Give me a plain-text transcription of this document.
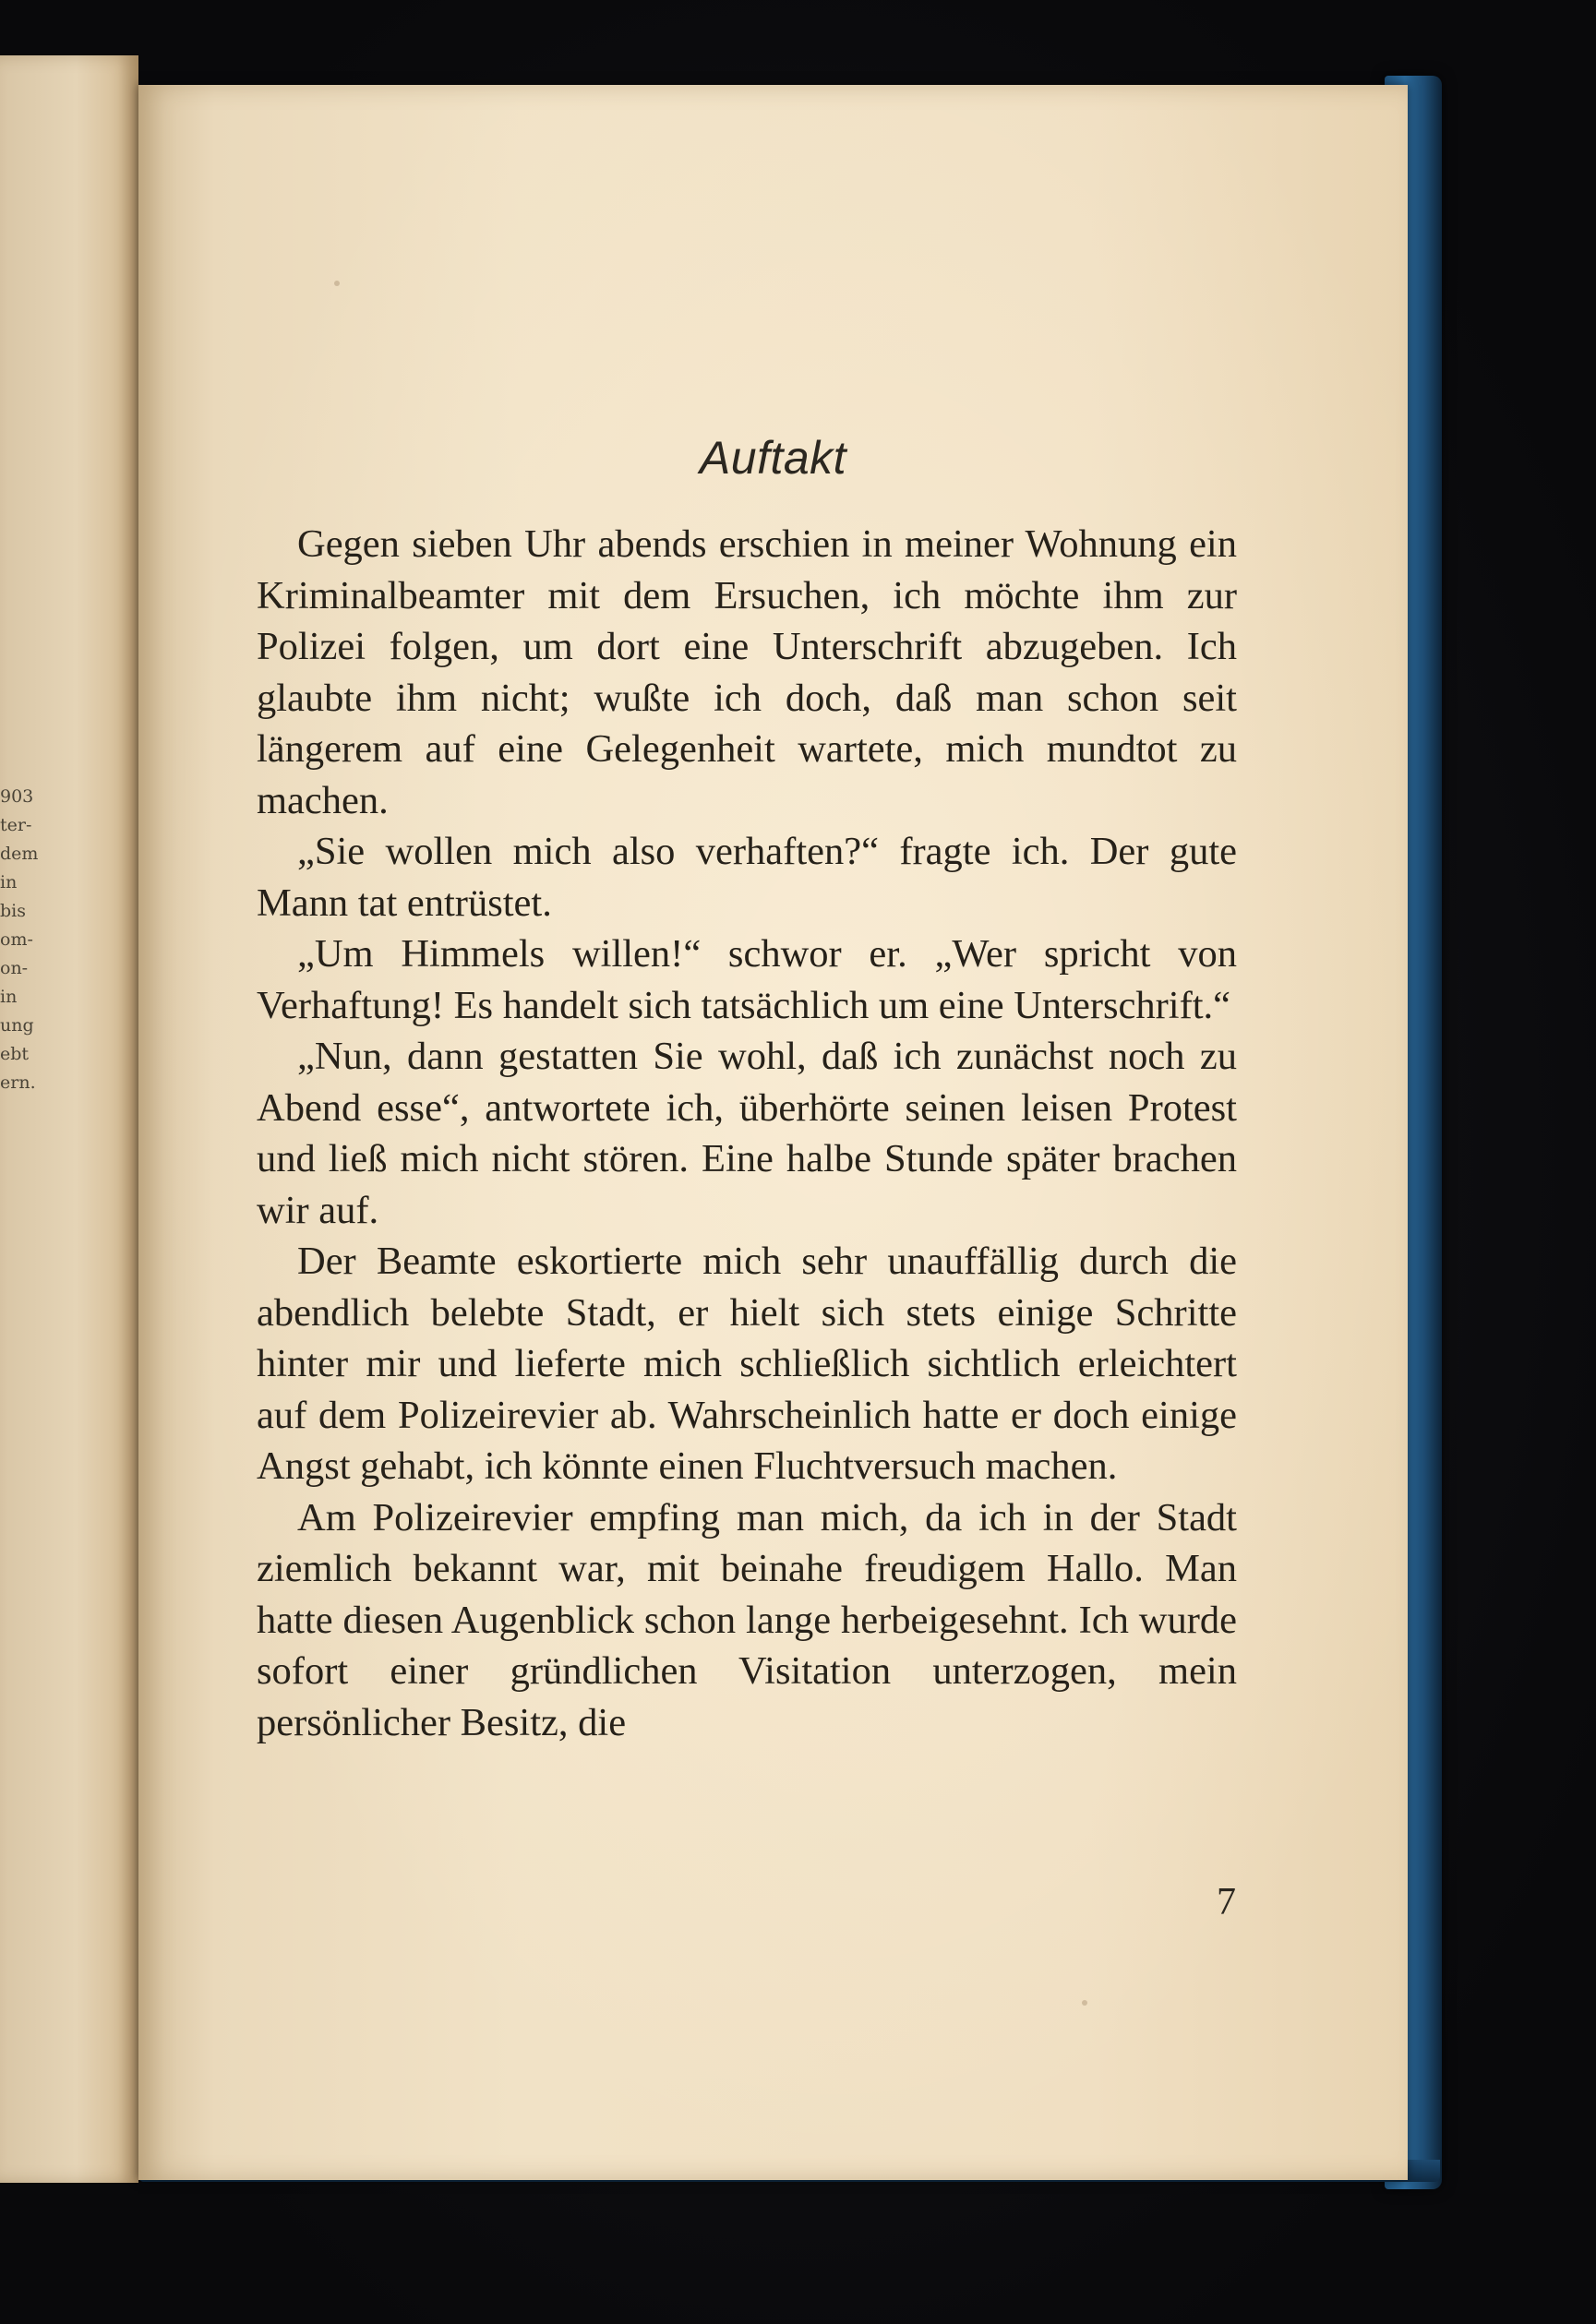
903
ter-
dem
in
bis
om-
on-
in
ung
ebt
ern.
Auftakt

Gegen sieben Uhr abends erschien in meiner Wohnung ein Kriminalbeamter mit dem Ersuchen, ich möchte ihm zur Polizei folgen, um dort eine Unterschrift abzugeben. Ich glaubte ihm nicht; wußte ich doch, daß man schon seit längerem auf eine Gelegenheit wartete, mich mundtot zu machen.

„Sie wollen mich also verhaften?“ fragte ich. Der gute Mann tat entrüstet.

„Um Himmels willen!“ schwor er. „Wer spricht von Verhaftung! Es handelt sich tatsächlich um eine Unterschrift.“

„Nun, dann gestatten Sie wohl, daß ich zunächst noch zu Abend esse“, antwortete ich, überhörte seinen leisen Protest und ließ mich nicht stören. Eine halbe Stunde später brachen wir auf.

Der Beamte eskortierte mich sehr unauffällig durch die abendlich belebte Stadt, er hielt sich stets einige Schritte hinter mir und lieferte mich schließlich sichtlich erleichtert auf dem Polizeirevier ab. Wahrscheinlich hatte er doch einige Angst gehabt, ich könnte einen Fluchtversuch machen.

Am Polizeirevier empfing man mich, da ich in der Stadt ziemlich bekannt war, mit beinahe freudigem Hallo. Man hatte diesen Augenblick schon lange herbeigesehnt. Ich wurde sofort einer gründlichen Visitation unterzogen, mein persönlicher Besitz, die

7
